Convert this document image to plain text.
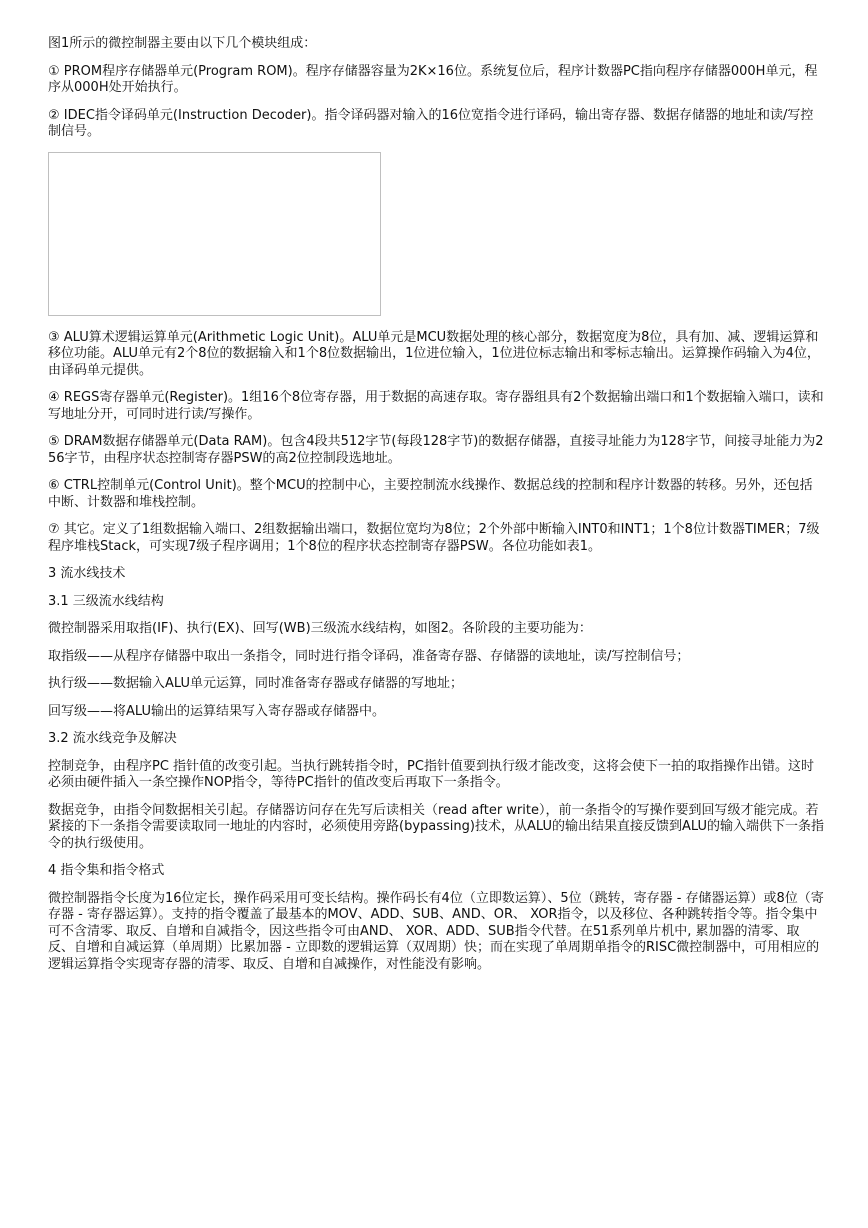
图1所示的微控制器主要由以下几个模块组成：

① PROM程序存储器单元(Program ROM)。程序存储器容量为2K×16位。系统复位后，程序计数器PC指向程序存储器000H单元，程序从000H处开始执行。

② IDEC指令译码单元(Instruction Decoder)。指令译码器对输入的16位宽指令进行译码，输出寄存器、数据存储器的地址和读/写控制信号。

③ ALU算术逻辑运算单元(Arithmetic Logic Unit)。ALU单元是MCU数据处理的核心部分，数据宽度为8位，具有加、减、逻辑运算和移位功能。ALU单元有2个8位的数据输入和1个8位数据输出，1位进位输入，1位进位标志输出和零标志输出。运算操作码输入为4位，由译码单元提供。

④ REGS寄存器单元(Register)。1组16个8位寄存器，用于数据的高速存取。寄存器组具有2个数据输出端口和1个数据输入端口，读和写地址分开，可同时进行读/写操作。

⑤ DRAM数据存储器单元(Data RAM)。包含4段共512字节(每段128字节)的数据存储器，直接寻址能力为128字节，间接寻址能力为256字节，由程序状态控制寄存器PSW的高2位控制段选地址。

⑥ CTRL控制单元(Control Unit)。整个MCU的控制中心，主要控制流水线操作、数据总线的控制和程序计数器的转移。另外，还包括中断、计数器和堆栈控制。

⑦ 其它。定义了1组数据输入端口、2组数据输出端口，数据位宽均为8位；2个外部中断输入INT0和INT1；1个8位计数器TIMER；7级程序堆栈Stack，可实现7级子程序调用；1个8位的程序状态控制寄存器PSW。各位功能如表1。

3 流水线技术

3.1 三级流水线结构

微控制器采用取指(IF)、执行(EX)、回写(WB)三级流水线结构，如图2。各阶段的主要功能为：

取指级——从程序存储器中取出一条指令，同时进行指令译码，准备寄存器、存储器的读地址，读/写控制信号；

执行级——数据输入ALU单元运算，同时准备寄存器或存储器的写地址；

回写级——将ALU输出的运算结果写入寄存器或存储器中。

3.2 流水线竞争及解决

控制竞争，由程序PC 指针值的改变引起。当执行跳转指令时，PC指针值要到执行级才能改变，这将会使下一拍的取指操作出错。这时必须由硬件插入一条空操作NOP指令，等待PC指针的值改变后再取下一条指令。

数据竞争，由指令间数据相关引起。存储器访问存在先写后读相关（read after write），前一条指令的写操作要到回写级才能完成。若紧接的下一条指令需要读取同一地址的内容时，必须使用旁路(bypassing)技术，从ALU的输出结果直接反馈到ALU的输入端供下一条指令的执行级使用。

4 指令集和指令格式

微控制器指令长度为16位定长，操作码采用可变长结构。操作码长有4位（立即数运算）、5位（跳转，寄存器 - 存储器运算）或8位（寄存器 - 寄存器运算）。支持的指令覆盖了最基本的MOV、ADD、SUB、AND、OR、 XOR指令，以及移位、各种跳转指令等。指令集中可不含清零、取反、自增和自减指令，因这些指令可由AND、 XOR、ADD、SUB指令代替。在51系列单片机中, 累加器的清零、取反、自增和自减运算（单周期）比累加器 - 立即数的逻辑运算（双周期）快；而在实现了单周期单指令的RISC微控制器中，可用相应的逻辑运算指令实现寄存器的清零、取反、自增和自减操作，对性能没有影响。
